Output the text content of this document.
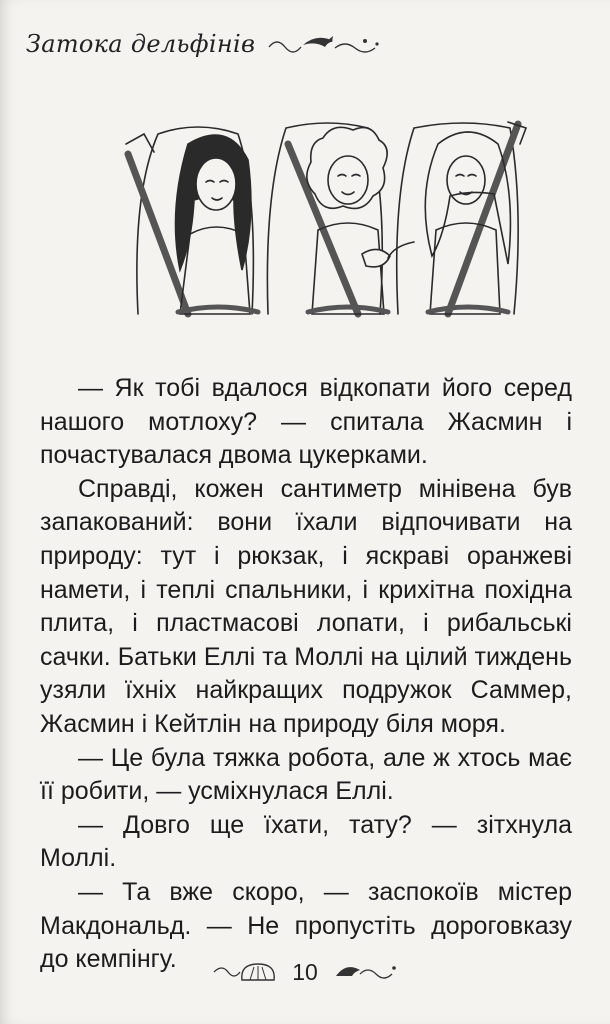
Затока дельфінів

— Як тобі вдалося відкопати його серед нашого мотлоху? — спитала Жасмин і почастувалася двома цукерками.

Справді, кожен сантиметр мінівена був запакований: вони їхали відпочивати на природу: тут і рюкзак, і яскраві оранжеві намети, і теплі спальники, і крихітна похідна плита, і пластмасові лопати, і рибальські сачки. Батьки Еллі та Моллі на цілий тиждень узяли їхніх найкращих подружок Саммер, Жасмин і Кейтлін на природу біля моря.

— Це була тяжка робота, але ж хтось має її робити, — усміхнулася Еллі.

— Довго ще їхати, тату? — зітхнула Моллі.

— Та вже скоро, — заспокоїв містер Макдональд. — Не пропустіть дороговказу до кемпінгу.	10
